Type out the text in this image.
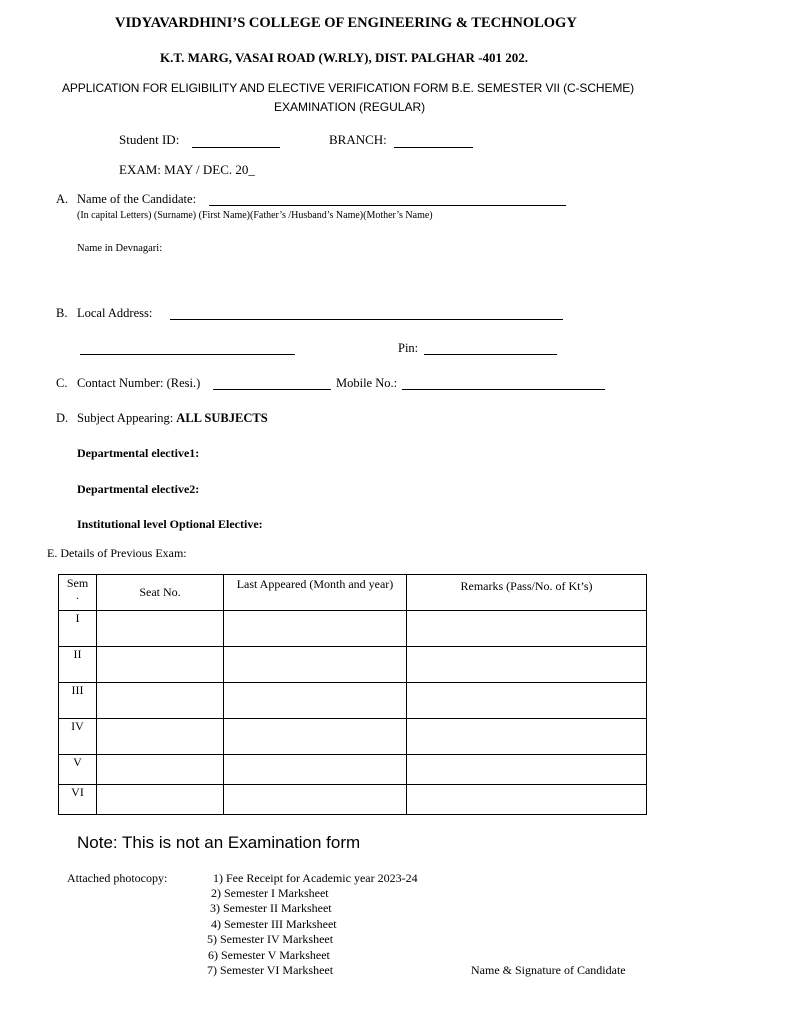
VIDYAVARDHINI’S COLLEGE OF ENGINEERING & TECHNOLOGY
K.T. MARG, VASAI ROAD (W.RLY), DIST. PALGHAR -401 202.
APPLICATION FOR ELIGIBILITY AND ELECTIVE VERIFICATION FORM B.E. SEMESTER VII (C-SCHEME)
EXAMINATION (REGULAR)
Student ID:	BRANCH:
EXAM: MAY / DEC. 20_
A. Name of the Candidate:
(In capital Letters) (Surname) (First Name)(Father’s /Husband’s Name)(Mother’s Name)
Name in Devnagari:
B. Local Address:
Pin:
C. Contact Number: (Resi.)	Mobile No.:
D. Subject Appearing: ALL SUBJECTS
Departmental elective1:
Departmental elective2:
Institutional level Optional Elective:
E. Details of Previous Exam:
Sem
.	Seat No.	Last Appeared (Month and year)	Remarks (Pass/No. of Kt’s)
I			
II			
III			
IV			
V			
VI			
Note: This is not an Examination form
Attached photocopy:	1) Fee Receipt for Academic year 2023-24
2) Semester I Marksheet
3) Semester II Marksheet
4) Semester III Marksheet
5) Semester IV Marksheet
6) Semester V Marksheet
7) Semester VI Marksheet	Name & Signature of Candidate
